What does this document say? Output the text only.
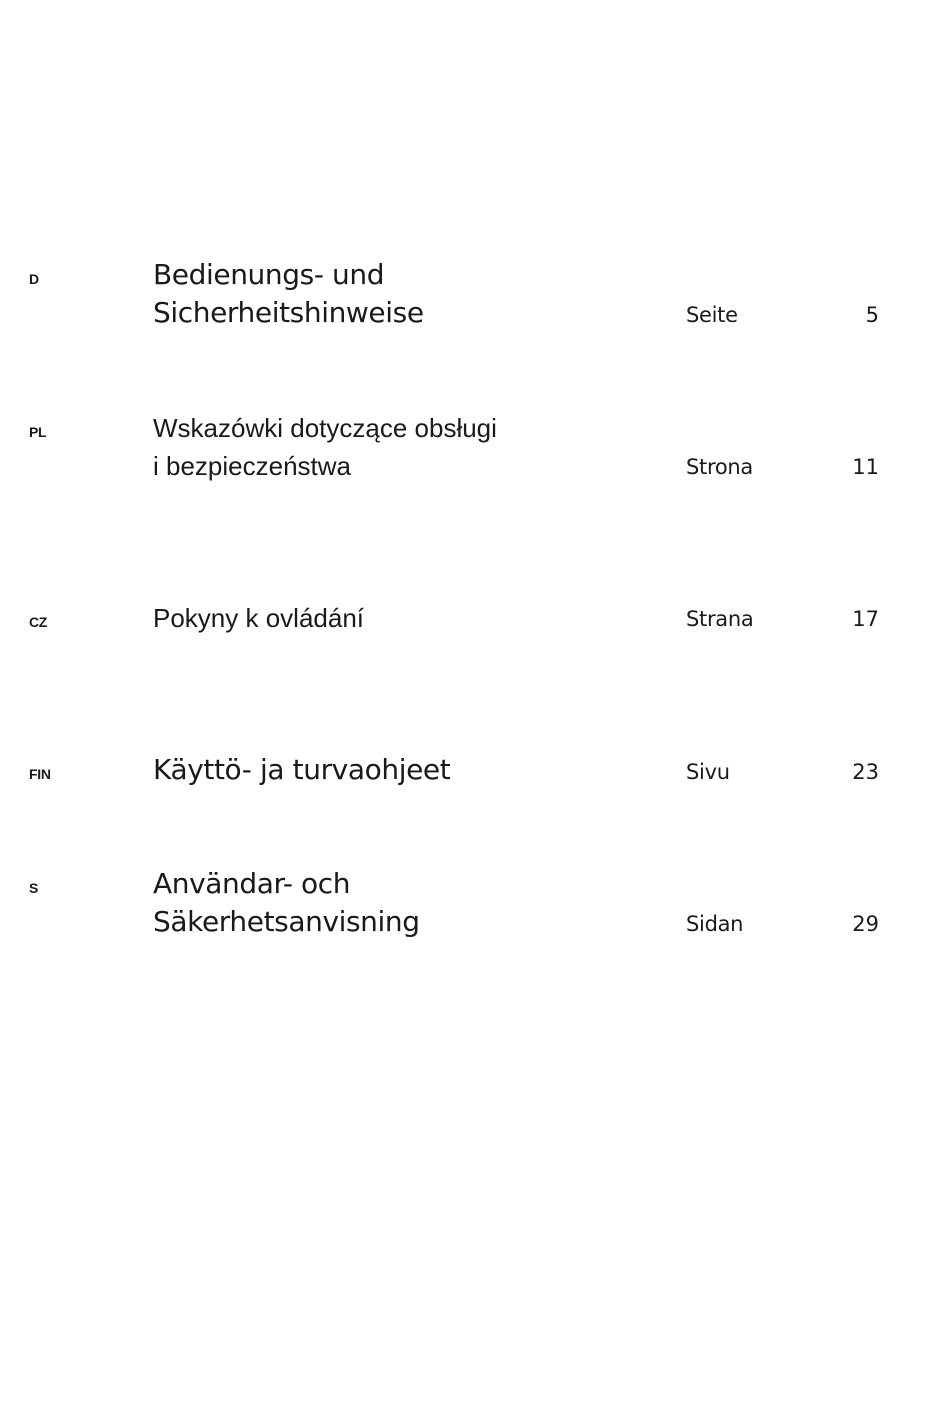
D	Bedienungs- und
Sicherheitshinweise	Seite	5
PL	Wskazówki dotyczące obsługi
i bezpieczeństwa	Strona	11
CZ	Pokyny k ovládání	Strana	17
FIN	Käyttö- ja turvaohjeet	Sivu	23
S	Användar- och
Säkerhetsanvisning	Sidan	29
